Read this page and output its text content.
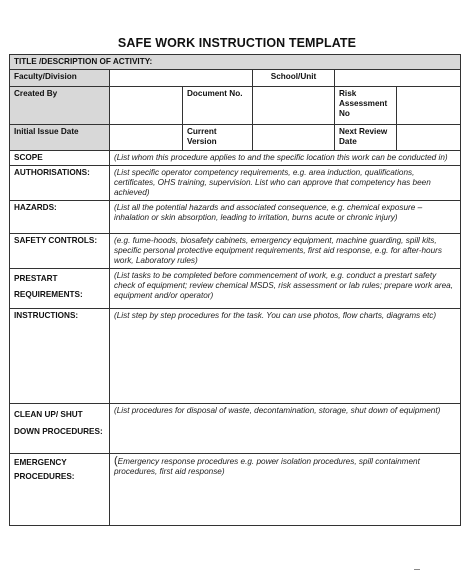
SAFE WORK INSTRUCTION TEMPLATE
TITLE /DESCRIPTION OF ACTIVITY:					
Faculty/Division			School/Unit		
Created By		Document No.		Risk Assessment No	
Initial Issue Date		Current Version		Next Review Date	
SCOPE	(List whom this procedure applies to and the specific location this work can be conducted in)				
AUTHORISATIONS:	(List specific operator competency requirements, e.g. area induction, qualifications, certificates, OHS training, supervision. List who can approve that competency has been achieved)				
HAZARDS:	(List all the potential hazards and associated consequence, e.g. chemical exposure – inhalation or skin absorption, leading to irritation, burns acute or chronic injury)				
SAFETY CONTROLS:	(e.g. fume-hoods, biosafety cabinets, emergency equipment, machine guarding, spill kits, specific personal protective equipment requirements, first aid response, e.g. for after-hours work, Laboratory rules)				
PRESTART REQUIREMENTS:	(List tasks to be completed before commencement of work, e.g. conduct a prestart safety check of equipment; review chemical MSDS, risk assessment or lab rules; prepare work area, equipment and/or operator)				
INSTRUCTIONS:	(List step by step procedures for the task. You can use photos, flow charts, diagrams etc)				
CLEAN UP/ SHUT DOWN PROCEDURES:	(List procedures for disposal of waste, decontamination, storage, shut down of equipment)				
EMERGENCY PROCEDURES:	(Emergency response procedures e.g. power isolation procedures, spill containment procedures, first aid response)				
